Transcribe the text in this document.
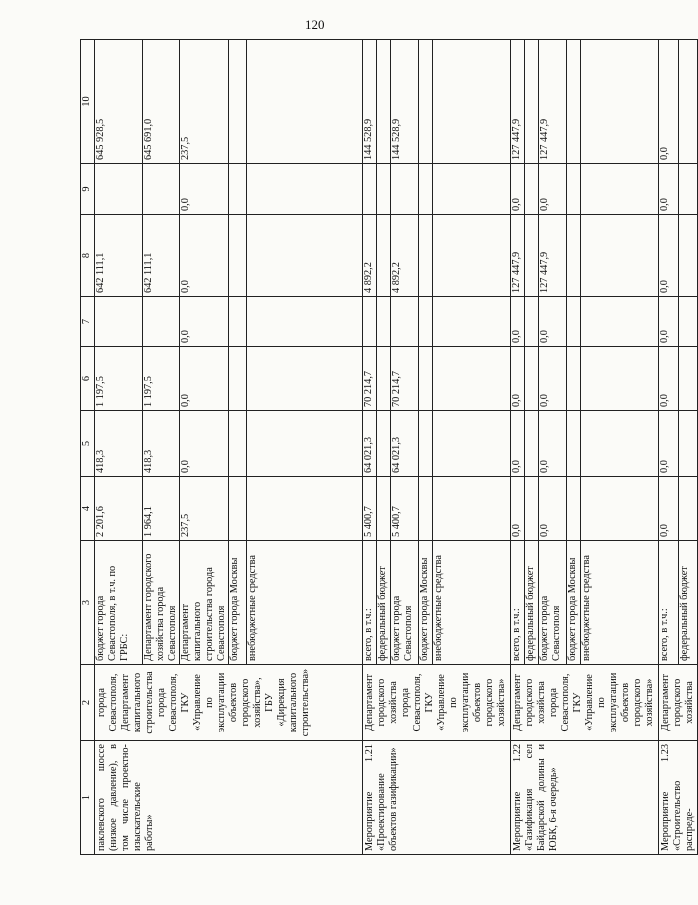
120
1	2	3	4	5	6	7	8	9	10
паклевского шоссе (низкое давление), в том числе проектно-изыскательские работы»	города Севастополя, Департамент капитального строительства города Севастополя, ГКУ «Управление по эксплуатации объектов городского хозяйства», ГБУ «Дирекция капитального строительства»	бюджет города Севастополя, в т.ч. по ГРБС:	2 201,6	418,3	1 197,5		642 111,1		645 928,5
		Департамент городского хозяйства города Севастополя	1 964,1	418,3	1 197,5		642 111,1		645 691,0
		Департамент капитального строительства города Севастополя	237,5	0,0	0,0	0,0	0,0	0,0	237,5
		бюджет города Москвы							
		внебюджетные средства							
Мероприятие 1.21 «Проектирование объектов газификации»	Департамент городского хозяйства города Севастополя, ГКУ «Управление по эксплуатации объектов городского хозяйства»	всего, в т.ч.:	5 400,7	64 021,3	70 214,7		4 892,2		144 528,9
		федеральный бюджет							
		бюджет города Севастополя	5 400,7	64 021,3	70 214,7		4 892,2		144 528,9
		бюджет города Москвы							
		внебюджетные средства							
Мероприятие 1.22 «Газификация сел Байдарской долины и ЮБК, 6-я очередь»	Департамент городского хозяйства города Севастополя, ГКУ «Управление по эксплуатации объектов городского хозяйства»	всего, в т.ч.:	0,0	0,0	0,0	0,0	127 447,9	0,0	127 447,9
		федеральный бюджет							
		бюджет города Севастополя	0,0	0,0	0,0	0,0	127 447,9	0,0	127 447,9
		бюджет города Москвы							
		внебюджетные средства							
Мероприятие 1.23 «Строительство распреде-	Департамент городского хозяйства	всего, в т.ч.:	0,0	0,0	0,0	0,0	0,0	0,0	0,0
		федеральный бюджет							
